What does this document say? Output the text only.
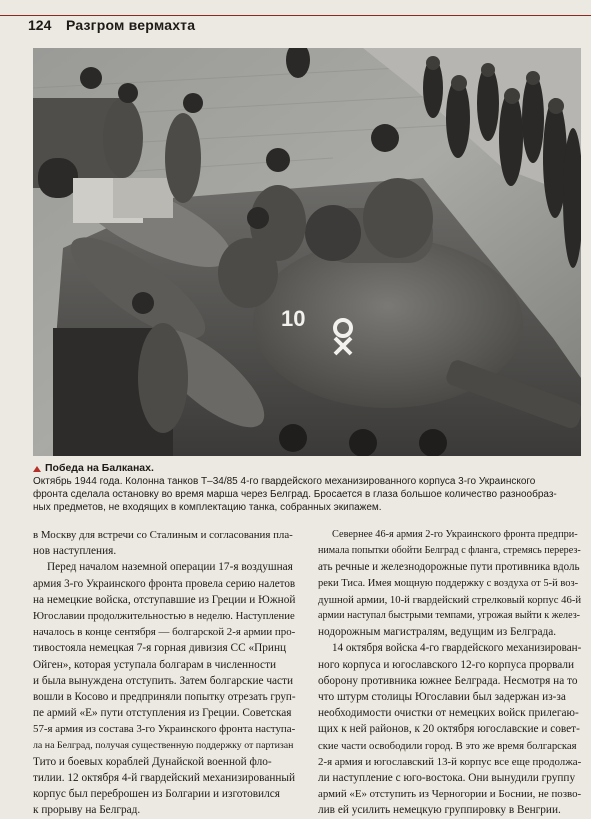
124 Разгром вермахта
10
Победа на Балканах.
Октябрь 1944 года. Колонна танков Т–34/85 4-го гвардейского механизированного корпуса 3-го Украинского
фронта сделала остановку во время марша через Белград. Бросается в глаза большое количество разнообраз-
ных предметов, не входящих в комплектацию танка, собранных экипажем.
в Москву для встречи со Сталиным и согласования пла-
нов наступления.
Перед началом наземной операции 17-я воздушная
армия 3-го Украинского фронта провела серию налетов
на немецкие войска, отступавшие из Греции и Южной
Югославии продолжительностью в неделю. Наступление
началось в конце сентября — болгарской 2-я армии про-
тивостояла немецкая 7-я горная дивизия СС «Принц
Ойген», которая уступала болгарам в численности
и была вынуждена отступить. Затем болгарские части
вошли в Косово и предприняли попытку отрезать груп-
пе армий «Е» пути отступления из Греции. Советская
57-я армия из состава 3-го Украинского фронта наступа-
ла на Белград, получая существенную поддержку от партизан
Тито и боевых кораблей Дунайской военной фло-
тилии. 12 октября 4-й гвардейский механизированный
корпус был переброшен из Болгарии и изготовился
к прорыву на Белград.
Севернее 46-я армия 2-го Украинского фронта предпри-
нимала попытки обойти Белград с фланга, стремясь перерез-
ать речные и железнодорожные пути противника вдоль
реки Тиса. Имея мощную поддержку с воздуха от 5-й воз-
душной армии, 10-й гвардейский стрелковый корпус 46-й
армии наступал быстрыми темпами, угрожая выйти к желез-
нодорожным магистралям, ведущим из Белграда.
14 октября войска 4-го гвардейского механизирован-
ного корпуса и югославского 12-го корпуса прорвали
оборону противника южнее Белграда. Несмотря на то
что штурм столицы Югославии был задержан из-за
необходимости очистки от немецких войск прилегаю-
щих к ней районов, к 20 октября югославские и совет-
ские части освободили город. В это же время болгарская
2-я армия и югославский 13-й корпус все еще продолжа-
ли наступление с юго-востока. Они вынудили группу
армий «Е» отступить из Черногории и Боснии, не позво-
лив ей усилить немецкую группировку в Венгрии.
